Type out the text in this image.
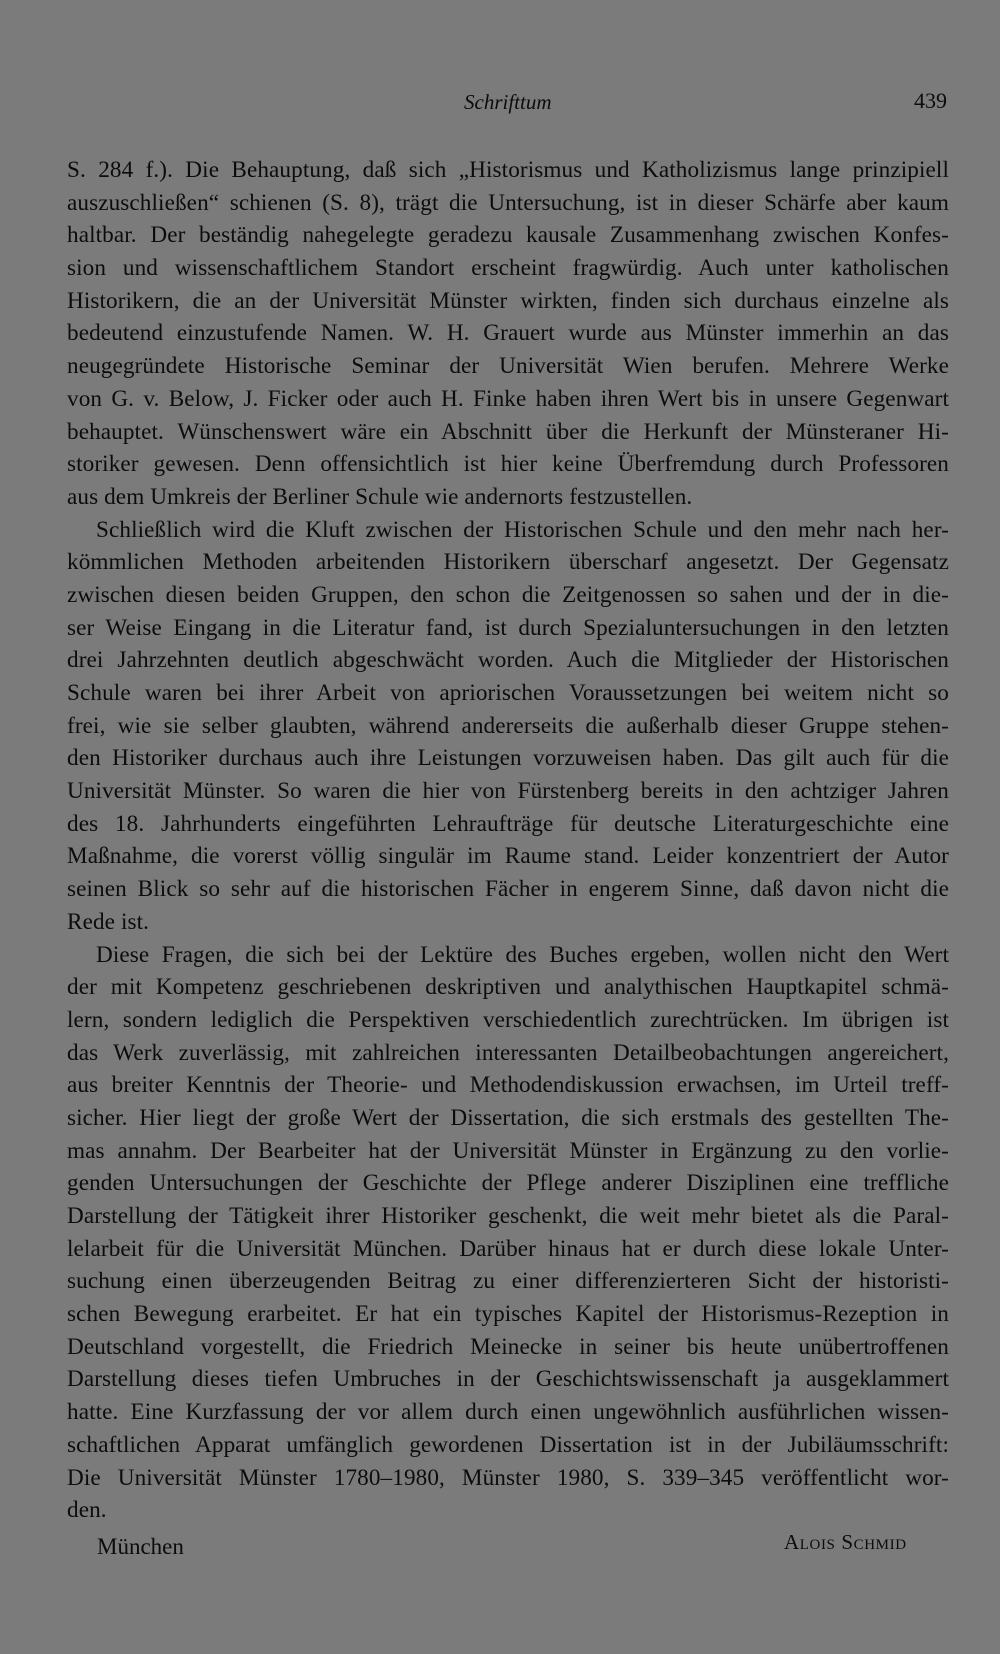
Schrifttum	439
S. 284 f.). Die Behauptung, daß sich „Historismus und Katholizismus lange prinzipiell
auszuschließen“ schienen (S. 8), trägt die Untersuchung, ist in dieser Schärfe aber kaum
haltbar. Der beständig nahegelegte geradezu kausale Zusammenhang zwischen Konfes-
sion und wissenschaftlichem Standort erscheint fragwürdig. Auch unter katholischen
Historikern, die an der Universität Münster wirkten, finden sich durchaus einzelne als
bedeutend einzustufende Namen. W. H. Grauert wurde aus Münster immerhin an das
neugegründete Historische Seminar der Universität Wien berufen. Mehrere Werke
von G. v. Below, J. Ficker oder auch H. Finke haben ihren Wert bis in unsere Gegenwart
behauptet. Wünschenswert wäre ein Abschnitt über die Herkunft der Münsteraner Hi-
storiker gewesen. Denn offensichtlich ist hier keine Überfremdung durch Professoren
aus dem Umkreis der Berliner Schule wie andernorts festzustellen.
Schließlich wird die Kluft zwischen der Historischen Schule und den mehr nach her-
kömmlichen Methoden arbeitenden Historikern überscharf angesetzt. Der Gegensatz
zwischen diesen beiden Gruppen, den schon die Zeitgenossen so sahen und der in die-
ser Weise Eingang in die Literatur fand, ist durch Spezialuntersuchungen in den letzten
drei Jahrzehnten deutlich abgeschwächt worden. Auch die Mitglieder der Historischen
Schule waren bei ihrer Arbeit von apriorischen Voraussetzungen bei weitem nicht so
frei, wie sie selber glaubten, während andererseits die außerhalb dieser Gruppe stehen-
den Historiker durchaus auch ihre Leistungen vorzuweisen haben. Das gilt auch für die
Universität Münster. So waren die hier von Fürstenberg bereits in den achtziger Jahren
des 18. Jahrhunderts eingeführten Lehraufträge für deutsche Literaturgeschichte eine
Maßnahme, die vorerst völlig singulär im Raume stand. Leider konzentriert der Autor
seinen Blick so sehr auf die historischen Fächer in engerem Sinne, daß davon nicht die
Rede ist.
Diese Fragen, die sich bei der Lektüre des Buches ergeben, wollen nicht den Wert
der mit Kompetenz geschriebenen deskriptiven und analythischen Hauptkapitel schmä-
lern, sondern lediglich die Perspektiven verschiedentlich zurechtrücken. Im übrigen ist
das Werk zuverlässig, mit zahlreichen interessanten Detailbeobachtungen angereichert,
aus breiter Kenntnis der Theorie- und Methodendiskussion erwachsen, im Urteil treff-
sicher. Hier liegt der große Wert der Dissertation, die sich erstmals des gestellten The-
mas annahm. Der Bearbeiter hat der Universität Münster in Ergänzung zu den vorlie-
genden Untersuchungen der Geschichte der Pflege anderer Disziplinen eine treffliche
Darstellung der Tätigkeit ihrer Historiker geschenkt, die weit mehr bietet als die Paral-
lelarbeit für die Universität München. Darüber hinaus hat er durch diese lokale Unter-
suchung einen überzeugenden Beitrag zu einer differenzierteren Sicht der historisti-
schen Bewegung erarbeitet. Er hat ein typisches Kapitel der Historismus-Rezeption in
Deutschland vorgestellt, die Friedrich Meinecke in seiner bis heute unübertroffenen
Darstellung dieses tiefen Umbruches in der Geschichtswissenschaft ja ausgeklammert
hatte. Eine Kurzfassung der vor allem durch einen ungewöhnlich ausführlichen wissen-
schaftlichen Apparat umfänglich gewordenen Dissertation ist in der Jubiläumsschrift:
Die Universität Münster 1780–1980, Münster 1980, S. 339–345 veröffentlicht wor-
den.
München	Alois Schmid
